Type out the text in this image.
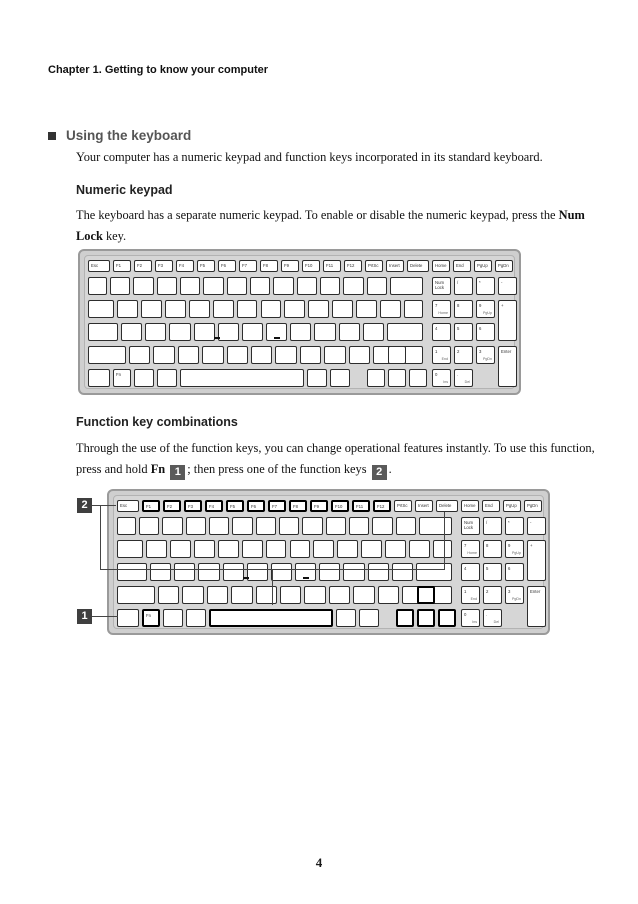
Chapter 1. Getting to know your computer
Using the keyboard
Your computer has a numeric keypad and function keys incorporated in its standard keyboard.
Numeric keypad
The keyboard has a separate numeric keypad. To enable or disable the numeric keypad, press the Num Lock key.
Esc	F1	F2	F3	F4	F5	F6	F7	F8	F9	F10	F11	F12	PrtSc	Insert	Delete	Home	End	PgUp	PgDn
Fn
Num Lock
/	*	-
7
Home
8	9
PgUp
4	5	6
1
End
2	3
PgDn
0
Ins
.
Del
+
Enter
Function key combinations
Through the use of the function keys, you can change operational features instantly. To use this function, press and hold Fn 1 ; then press one of the function keys 2 .
Esc	F1	F2	F3	F4	F5	F6	F7	F8	F9	F10	F11	F12	PrtSc	Insert	Delete	Home	End	PgUp	PgDn
Fn
Num Lock
/	*	-
7
Home
8	9
PgUp
4	5	6
1
End
2	3
PgDn
0
Ins
.
Del
+
Enter
2
1
4
